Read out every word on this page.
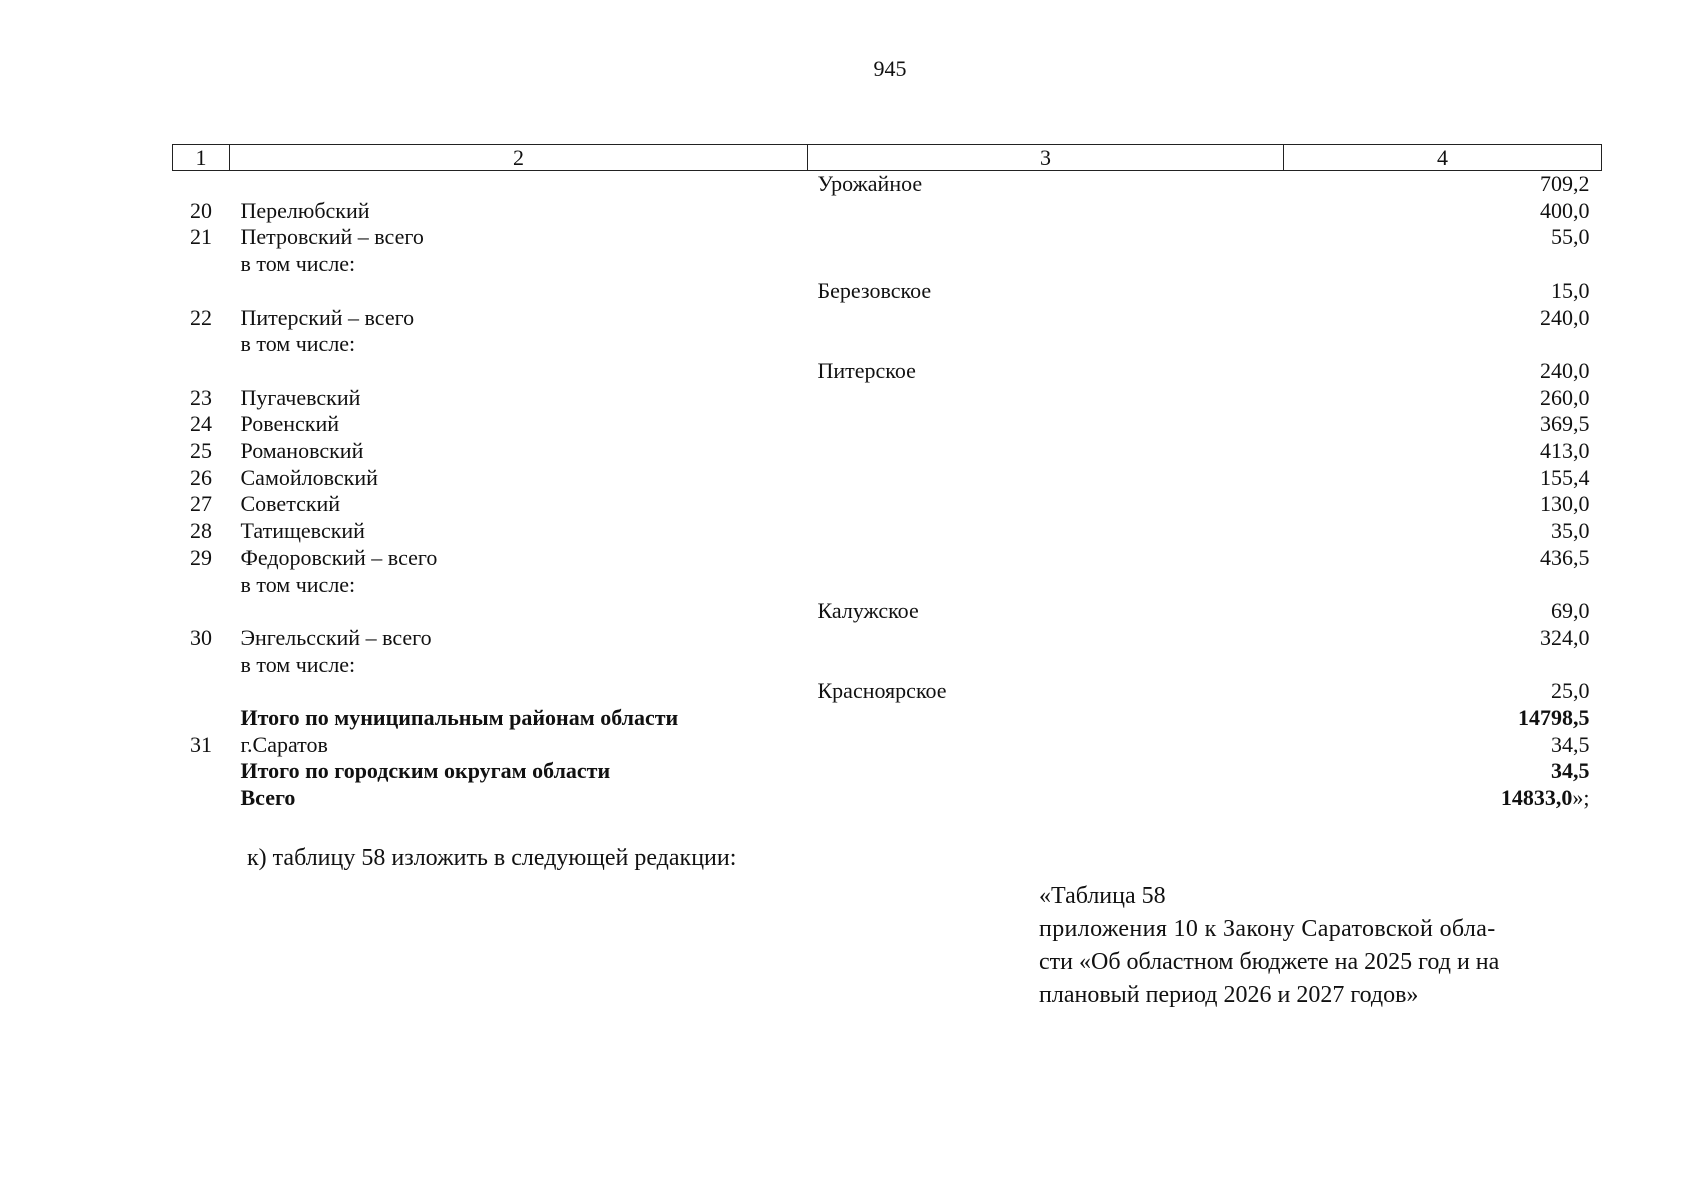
945
1	2	3	4
		Урожайное	709,2
20	Перелюбский		400,0
21	Петровский – всего		55,0
	в том числе:		
		Березовское	15,0
22	Питерский – всего		240,0
	в том числе:		
		Питерское	240,0
23	Пугачевский		260,0
24	Ровенский		369,5
25	Романовский		413,0
26	Самойловский		155,4
27	Советский		130,0
28	Татищевский		35,0
29	Федоровский – всего		436,5
	в том числе:		
		Калужское	69,0
30	Энгельсский – всего		324,0
	в том числе:		
		Красноярское	25,0
	Итого по муниципальным районам области		14798,5
31	г.Саратов		34,5
	Итого по городским округам области		34,5
	Всего		14833,0»;
к) таблицу 58 изложить в следующей редакции:
«Таблица 58
приложения 10 к Закону Саратовской обла-
сти «Об областном бюджете на 2025 год и на
плановый период 2026 и 2027 годов»
